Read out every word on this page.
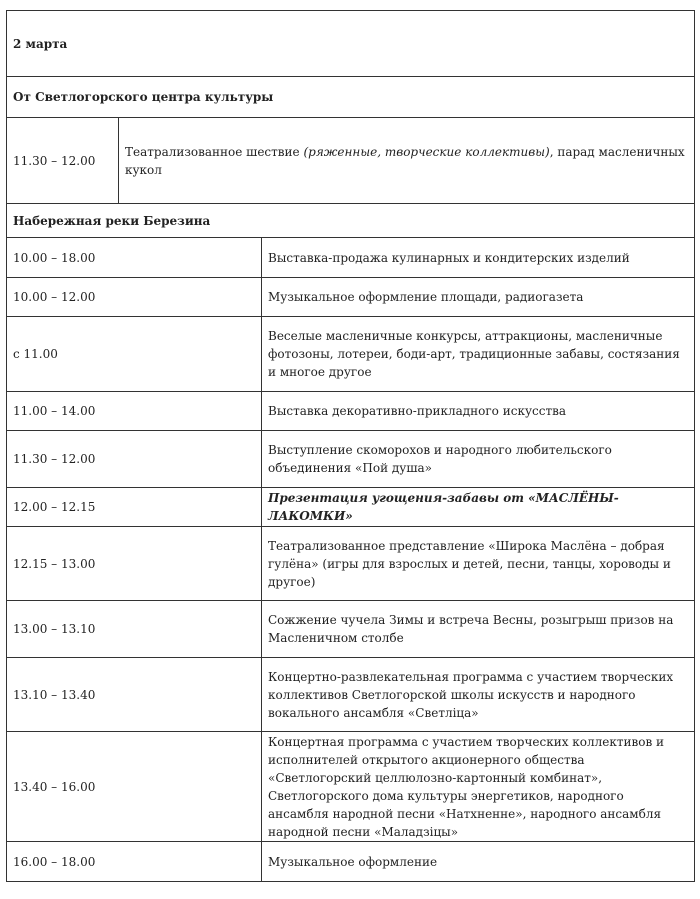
2 марта		
От Светлогорского центра культуры		
11.30 – 12.00	Театрализованное шествие (ряженные, творческие коллективы), парад масленичных кукол	
Набережная реки Березина		
10.00 – 18.00		Выставка-продажа кулинарных и кондитерских изделий
10.00 – 12.00		Музыкальное оформление площади, радиогазета
с 11.00		Веселые масленичные конкурсы, аттракционы, масленичные фотозоны, лотереи, боди-арт, традиционные забавы, состязания и многое другое
11.00 – 14.00		Выставка декоративно-прикладного искусства
11.30 – 12.00		Выступление скоморохов и народного любительского объединения «Пой душа»
12.00 – 12.15		Презентация угощения-забавы от «МАСЛЁНЫ-ЛАКОМКИ»
12.15 – 13.00		Театрализованное представление «Широка Маслёна – добрая гулёна» (игры для взрослых и детей, песни, танцы, хороводы и другое)
13.00 – 13.10		Сожжение чучела Зимы и встреча Весны, розыгрыш призов на Масленичном столбе
13.10 – 13.40		Концертно-развлекательная программа с участием творческих коллективов Светлогорской школы искусств и народного вокального ансамбля «Светліца»
13.40 – 16.00		Концертная программа с участием творческих коллективов и исполнителей открытого акционерного общества «Светлогорский целлюлозно-картонный комбинат», Светлогорского дома культуры энергетиков, народного ансамбля народной песни «Натхненне», народного ансамбля народной песни «Маладзіцы»
16.00 – 18.00		Музыкальное оформление
